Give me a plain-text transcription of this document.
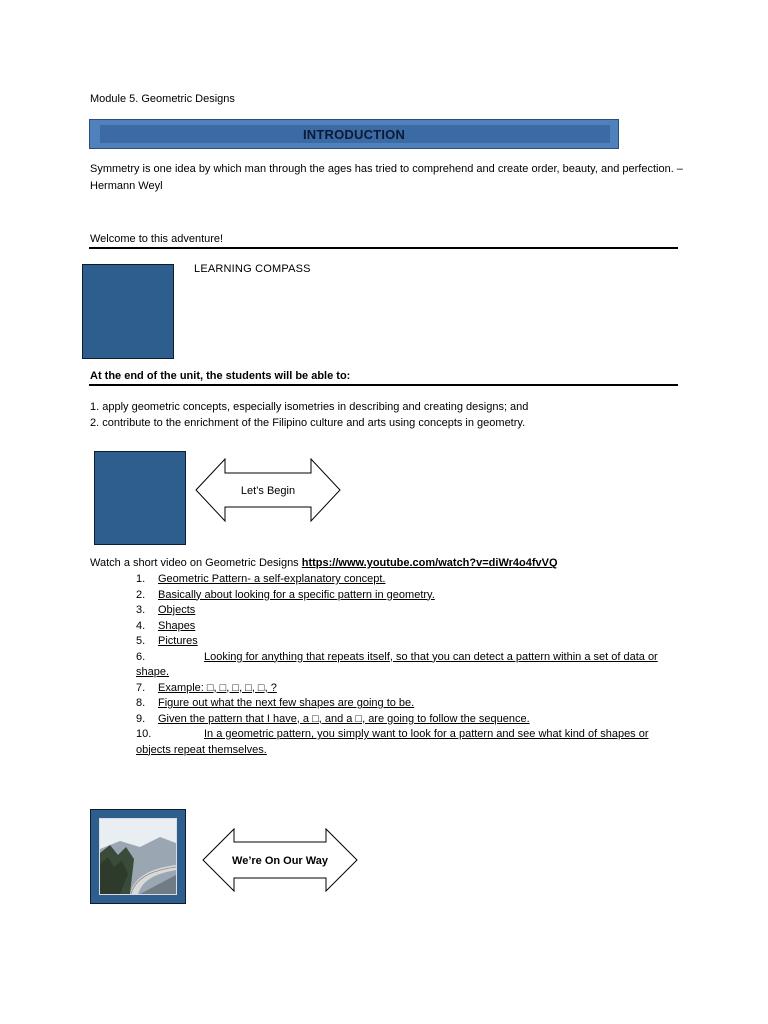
Module 5. Geometric Designs
INTRODUCTION
Symmetry is one idea by which man through the ages has tried to comprehend and create order, beauty, and perfection. – Hermann Weyl
Welcome to this adventure!
LEARNING COMPASS
At the end of the unit, the students will be able to:
1. apply geometric concepts, especially isometries in describing and creating designs; and
2. contribute to the enrichment of the Filipino culture and arts using concepts in geometry.
Let’s Begin
Watch a short video on Geometric Designs https://www.youtube.com/watch?v=diWr4o4fvVQ
1.	Geometric Pattern- a self-explanatory concept.
2.	Basically about looking for a specific pattern in geometry.
3.	Objects
4.	Shapes
5.	Pictures
6.	Looking for anything that repeats itself, so that you can detect a pattern within a set of data or shape.
7.	Example: □, □, □, □, □, ?
8.	Figure out what the next few shapes are going to be.
9.	Given the pattern that I have, a □, and a □, are going to follow the sequence.
10.	In a geometric pattern, you simply want to look for a pattern and see what kind of shapes or objects repeat themselves.
We’re On Our Way
